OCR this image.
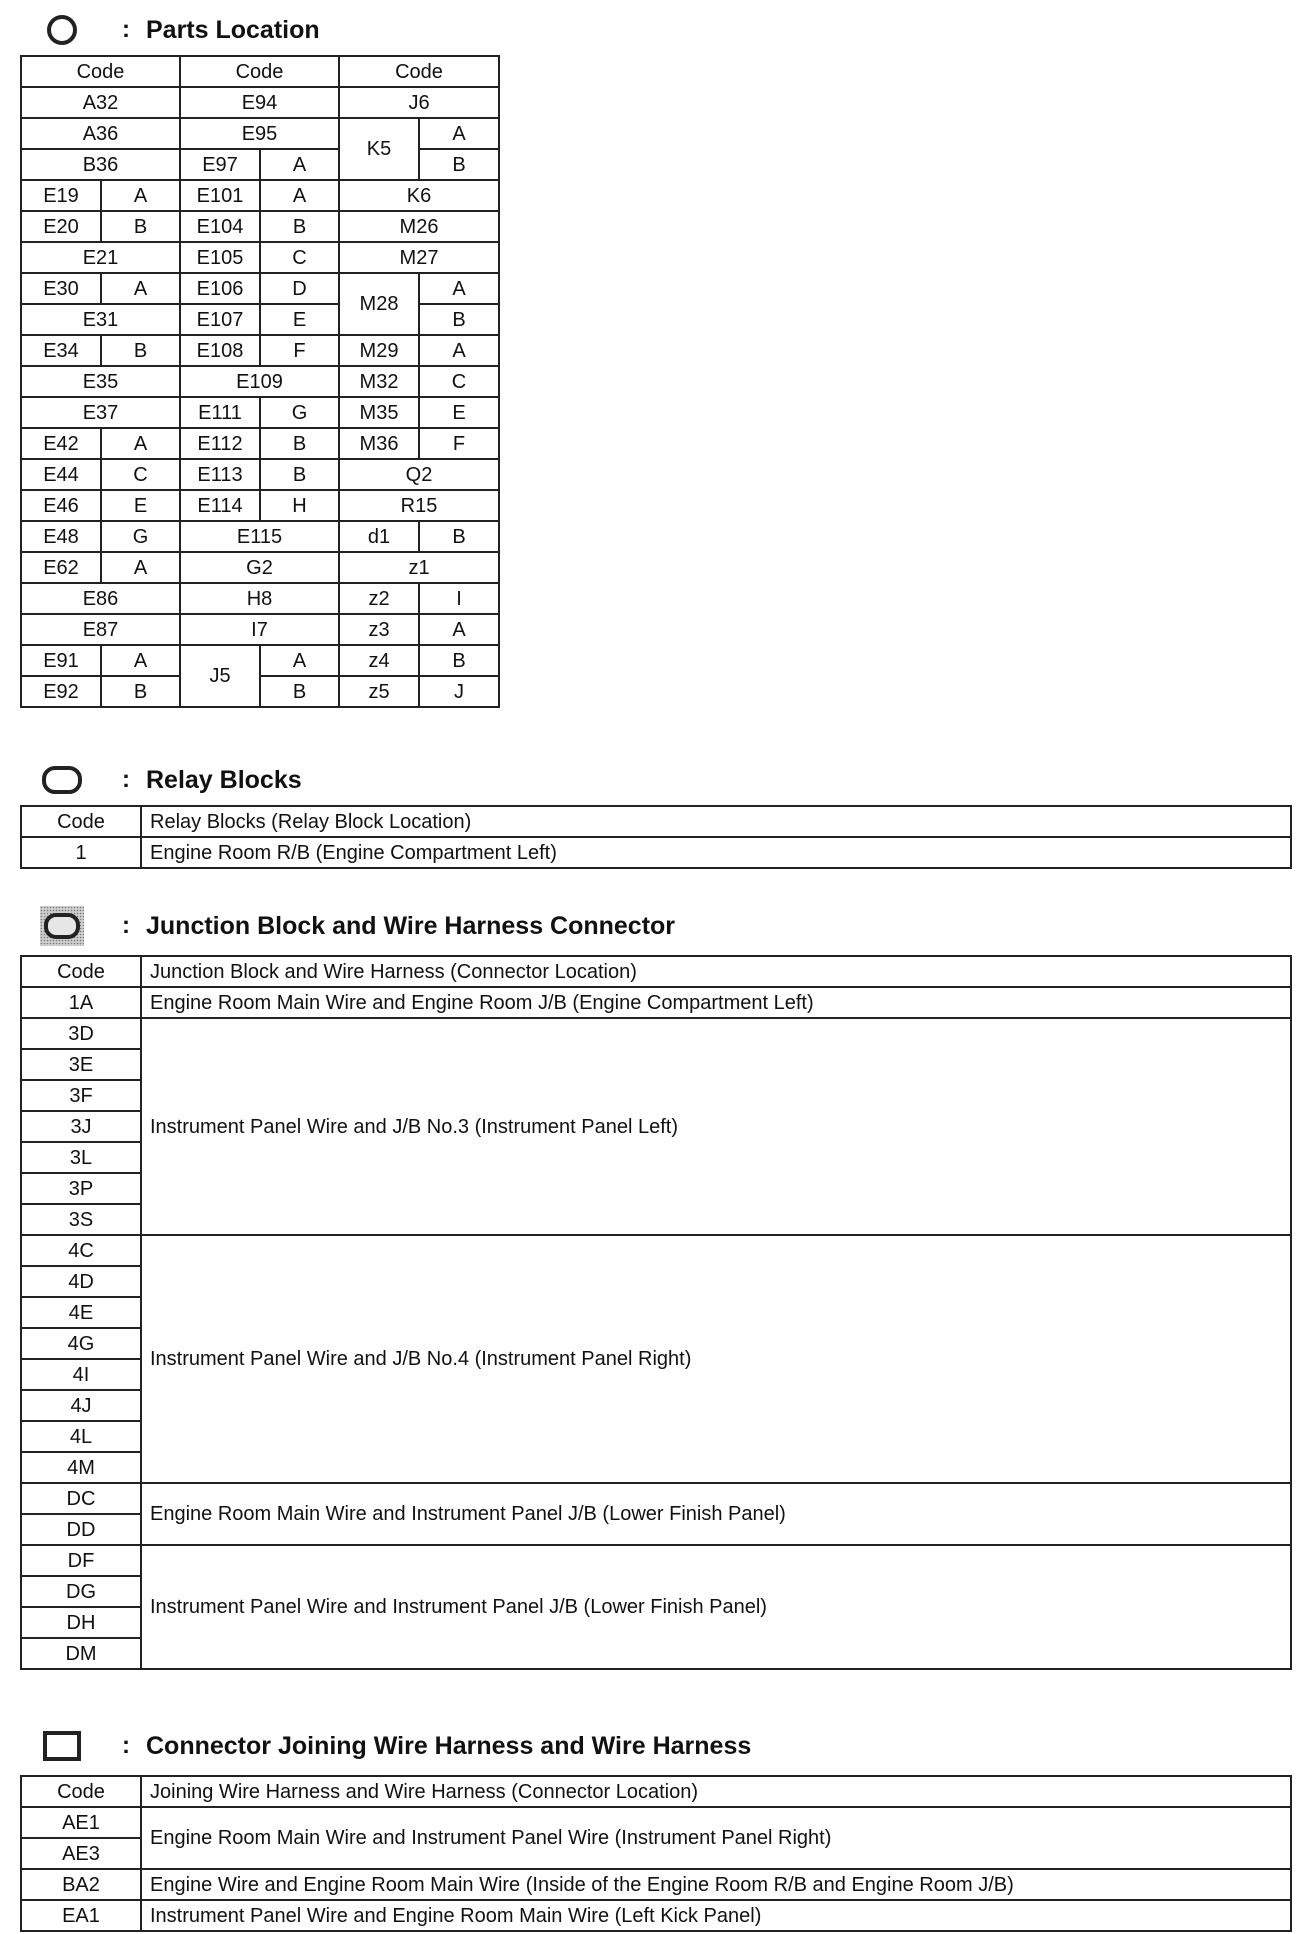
: Parts Location
Code		Code		Code	
A32		E94		J6	
A36		E95		K5	A
B36		E97	A		B
E19	A	E101	A	K6	
E20	B	E104	B	M26	
E21		E105	C	M27	
E30	A	E106	D	M28	A
E31		E107	E		B
E34	B	E108	F	M29	A
E35		E109		M32	C
E37		E111	G	M35	E
E42	A	E112	B	M36	F
E44	C	E113	B	Q2	
E46	E	E114	H	R15	
E48	G	E115		d1	B
E62	A	G2		z1	
E86		H8		z2	I
E87		I7		z3	A
E91	A	J5	A	z4	B
E92	B		B	z5	J
: Relay Blocks
Code	Relay Blocks (Relay Block Location)
1	Engine Room R/B (Engine Compartment Left)
: Junction Block and Wire Harness Connector
Code	Junction Block and Wire Harness (Connector Location)
1A	Engine Room Main Wire and Engine Room J/B (Engine Compartment Left)
3D	Instrument Panel Wire and J/B No.3 (Instrument Panel Left)
3E	
3F	
3J	
3L	
3P	
3S	
4C	Instrument Panel Wire and J/B No.4 (Instrument Panel Right)
4D	
4E	
4G	
4I	
4J	
4L	
4M	
DC	Engine Room Main Wire and Instrument Panel J/B (Lower Finish Panel)
DD	
DF	Instrument Panel Wire and Instrument Panel J/B (Lower Finish Panel)
DG	
DH	
DM	
: Connector Joining Wire Harness and Wire Harness
Code	Joining Wire Harness and Wire Harness (Connector Location)
AE1	Engine Room Main Wire and Instrument Panel Wire (Instrument Panel Right)
AE3	
BA2	Engine Wire and Engine Room Main Wire (Inside of the Engine Room R/B and Engine Room J/B)
EA1	Instrument Panel Wire and Engine Room Main Wire (Left Kick Panel)
